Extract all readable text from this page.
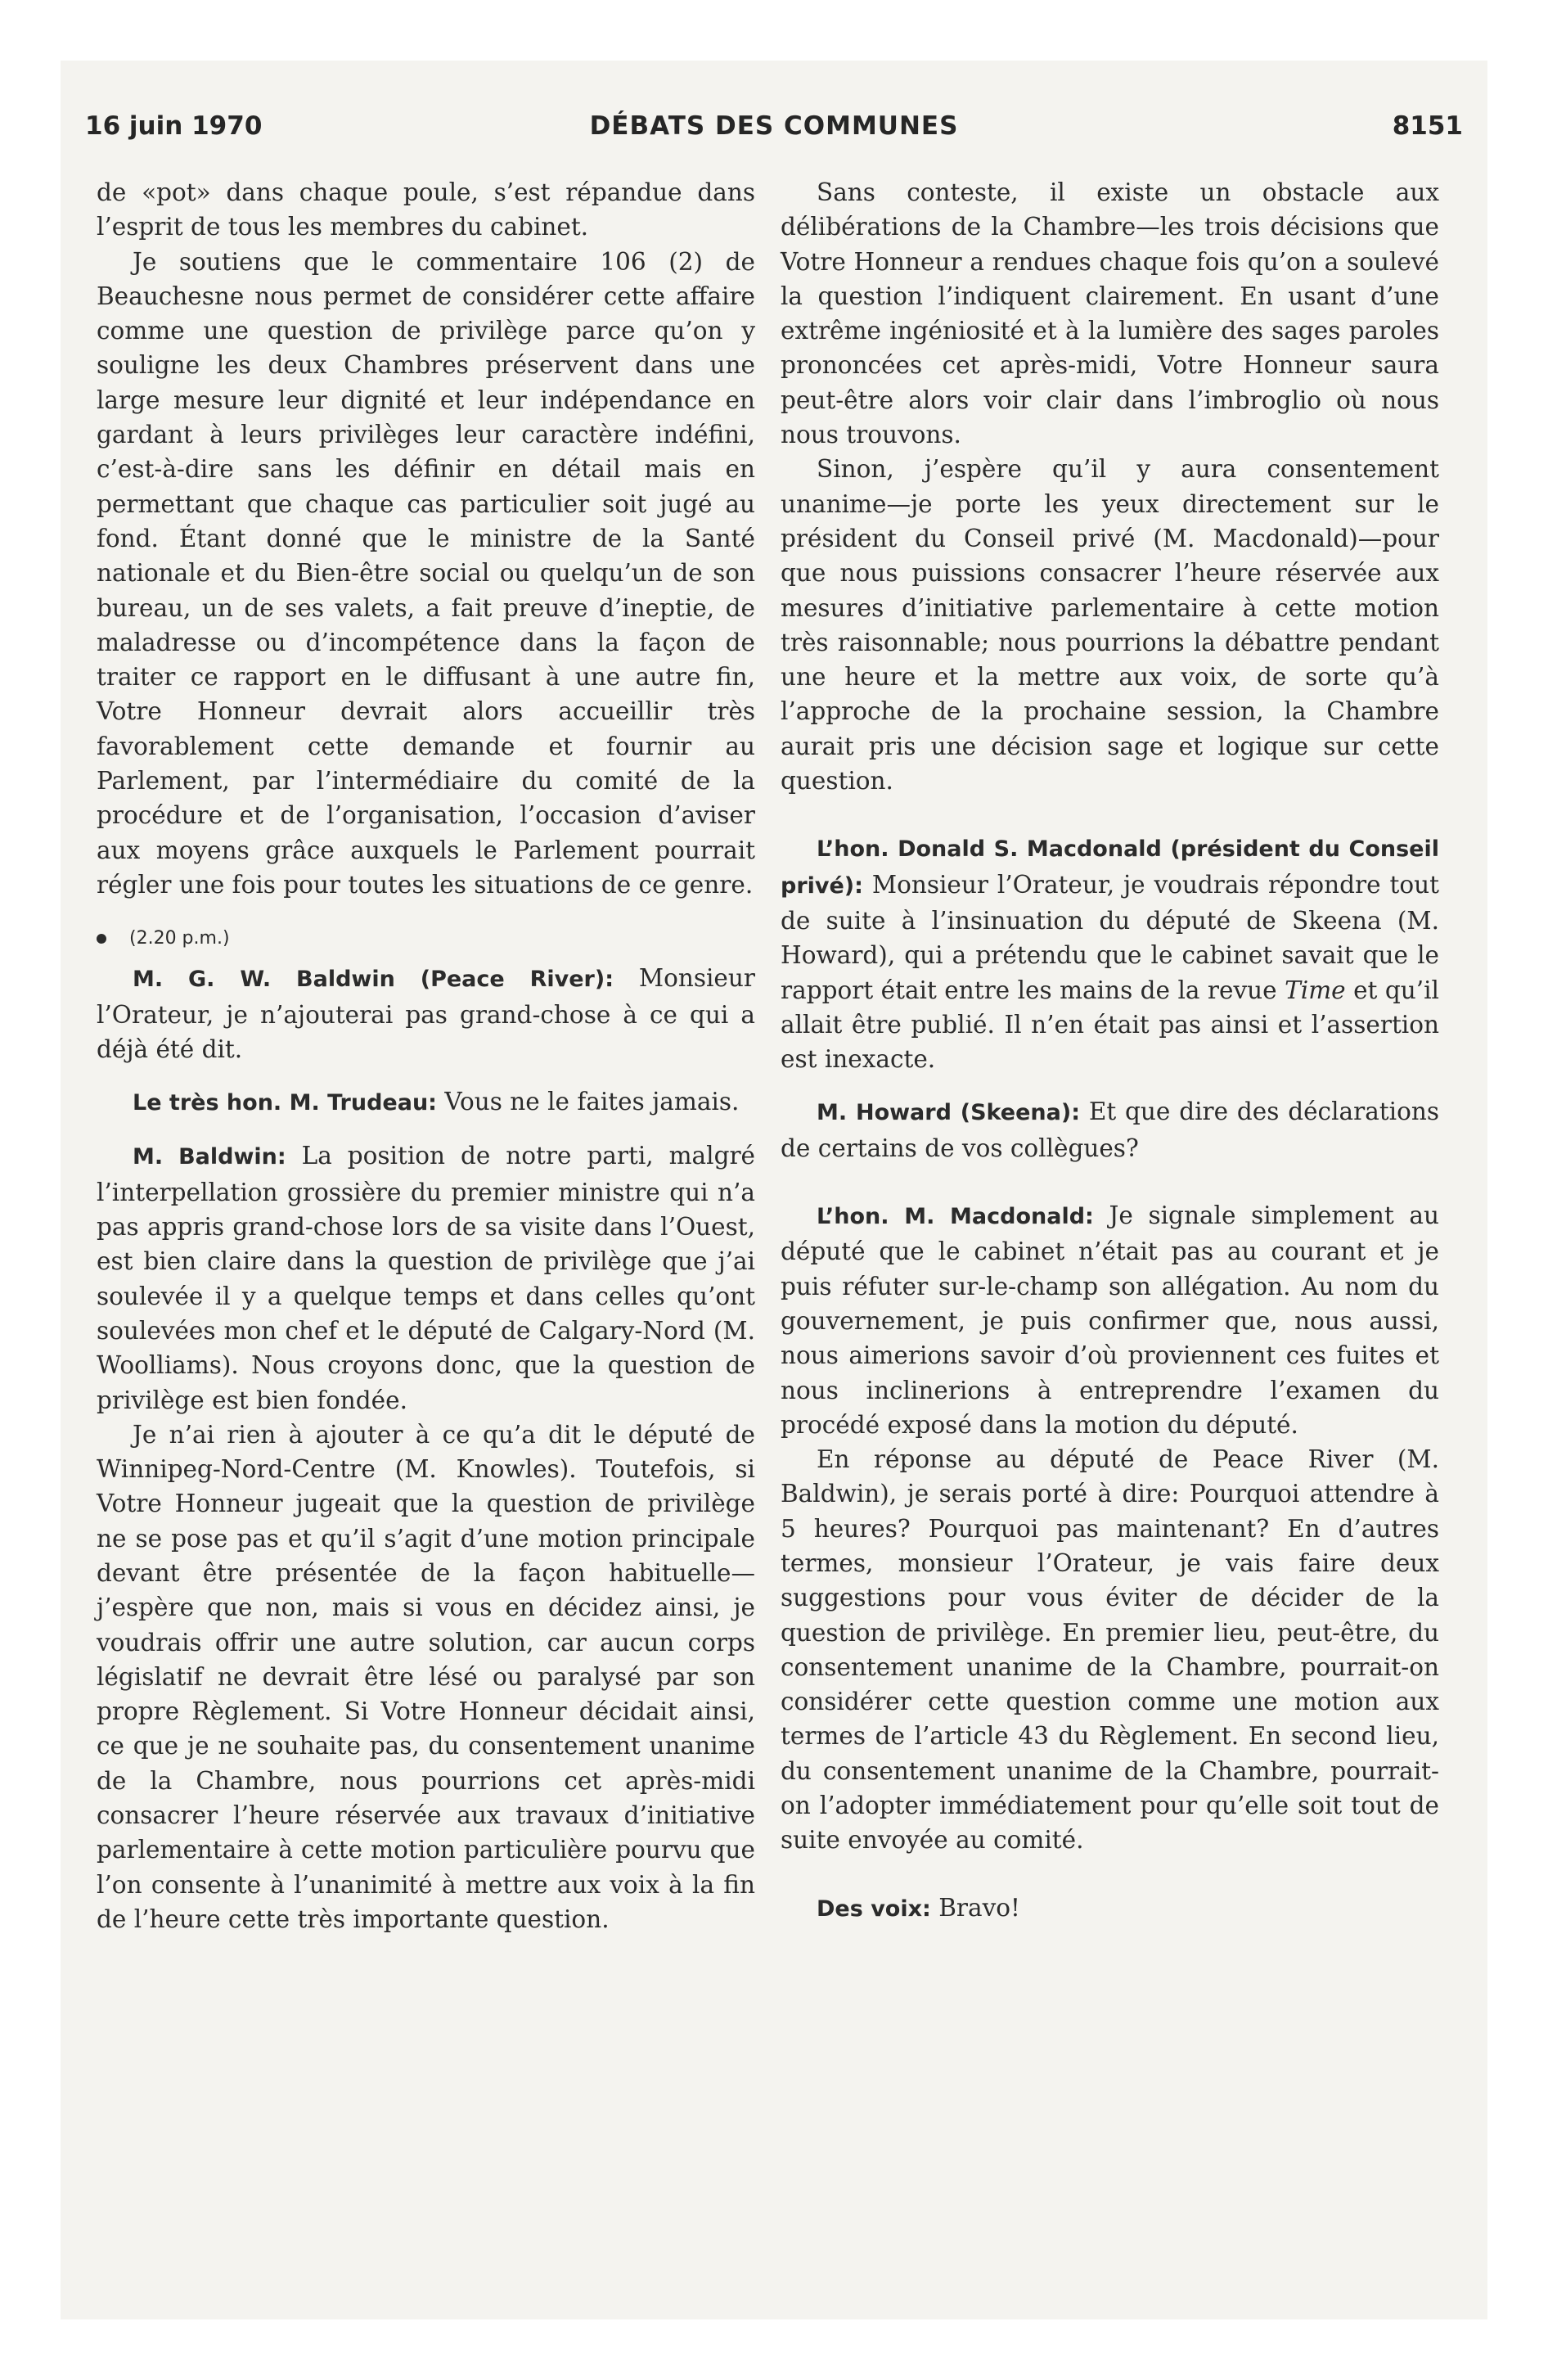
16 juin 1970	DÉBATS DES COMMUNES	8151

de «pot» dans chaque poule, s’est répandue dans l’esprit de tous les membres du cabinet.

Je soutiens que le commentaire 106 (2) de Beauchesne nous permet de considérer cette affaire comme une question de privilège parce qu’on y souligne les deux Chambres préservent dans une large mesure leur dignité et leur indépendance en gardant à leurs privilèges leur caractère indéfini, c’est-à-dire sans les définir en détail mais en permettant que chaque cas particulier soit jugé au fond. Étant donné que le ministre de la Santé nationale et du Bien-être social ou quelqu’un de son bureau, un de ses valets, a fait preuve d’ineptie, de maladresse ou d’incompétence dans la façon de traiter ce rapport en le diffusant à une autre fin, Votre Honneur devrait alors accueillir très favorablement cette demande et fournir au Parlement, par l’intermédiaire du comité de la procédure et de l’organisation, l’occasion d’aviser aux moyens grâce auxquels le Parlement pourrait régler une fois pour toutes les situations de ce genre.

(2.20 p.m.)

M. G. W. Baldwin (Peace River): Monsieur l’Orateur, je n’ajouterai pas grand-chose à ce qui a déjà été dit.

Le très hon. M. Trudeau: Vous ne le faites jamais.

M. Baldwin: La position de notre parti, malgré l’interpellation grossière du premier ministre qui n’a pas appris grand-chose lors de sa visite dans l’Ouest, est bien claire dans la question de privilège que j’ai soulevée il y a quelque temps et dans celles qu’ont soulevées mon chef et le député de Calgary-Nord (M. Woolliams). Nous croyons donc, que la question de privilège est bien fondée.

Je n’ai rien à ajouter à ce qu’a dit le député de Winnipeg-Nord-Centre (M. Knowles). Toutefois, si Votre Honneur jugeait que la question de privilège ne se pose pas et qu’il s’agit d’une motion principale devant être présentée de la façon habituelle—j’espère que non, mais si vous en décidez ainsi, je voudrais offrir une autre solution, car aucun corps législatif ne devrait être lésé ou paralysé par son propre Règlement. Si Votre Honneur décidait ainsi, ce que je ne souhaite pas, du consentement unanime de la Chambre, nous pourrions cet après-midi consacrer l’heure réservée aux travaux d’initiative parlementaire à cette motion particulière pourvu que l’on consente à l’unanimité à mettre aux voix à la fin de l’heure cette très importante question.

Sans conteste, il existe un obstacle aux délibérations de la Chambre—les trois décisions que Votre Honneur a rendues chaque fois qu’on a soulevé la question l’indiquent clairement. En usant d’une extrême ingéniosité et à la lumière des sages paroles prononcées cet après-midi, Votre Honneur saura peut-être alors voir clair dans l’imbroglio où nous nous trouvons.

Sinon, j’espère qu’il y aura consentement unanime—je porte les yeux directement sur le président du Conseil privé (M. Macdonald)—pour que nous puissions consacrer l’heure réservée aux mesures d’initiative parlementaire à cette motion très raisonnable; nous pourrions la débattre pendant une heure et la mettre aux voix, de sorte qu’à l’approche de la prochaine session, la Chambre aurait pris une décision sage et logique sur cette question.

L’hon. Donald S. Macdonald (président du Conseil privé): Monsieur l’Orateur, je voudrais répondre tout de suite à l’insinuation du député de Skeena (M. Howard), qui a prétendu que le cabinet savait que le rapport était entre les mains de la revue Time et qu’il allait être publié. Il n’en était pas ainsi et l’assertion est inexacte.

M. Howard (Skeena): Et que dire des déclarations de certains de vos collègues?

L’hon. M. Macdonald: Je signale simplement au député que le cabinet n’était pas au courant et je puis réfuter sur-le-champ son allégation. Au nom du gouvernement, je puis confirmer que, nous aussi, nous aimerions savoir d’où proviennent ces fuites et nous inclinerions à entreprendre l’examen du procédé exposé dans la motion du député.

En réponse au député de Peace River (M. Baldwin), je serais porté à dire: Pourquoi attendre à 5 heures? Pourquoi pas maintenant? En d’autres termes, monsieur l’Orateur, je vais faire deux suggestions pour vous éviter de décider de la question de privilège. En premier lieu, peut-être, du consentement unanime de la Chambre, pourrait-on considérer cette question comme une motion aux termes de l’article 43 du Règlement. En second lieu, du consentement unanime de la Chambre, pourrait-on l’adopter immédiatement pour qu’elle soit tout de suite envoyée au comité.

Des voix: Bravo!
